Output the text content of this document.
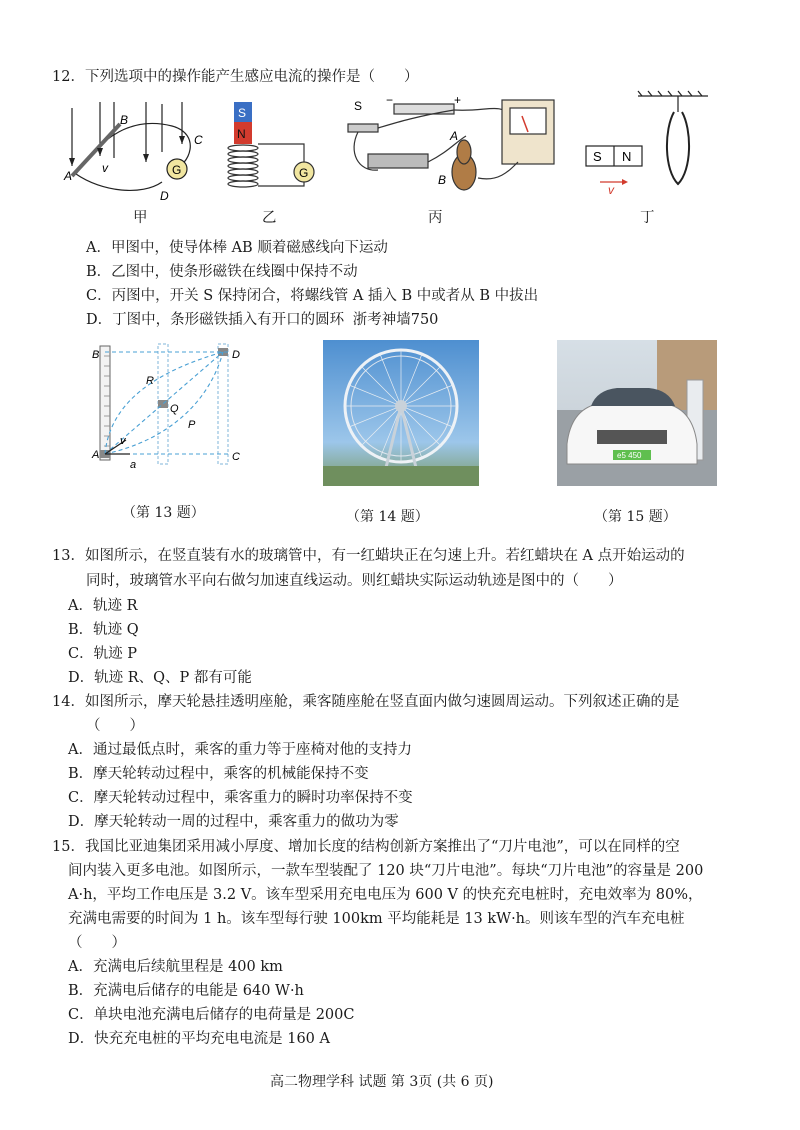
12．下列选项中的操作能产生感应电流的操作是（　　）
A
B
C
D
v	G
S
N
G
S
A
B
+
−
S N
v
甲	乙	丙	丁
A．甲图中，使导体棒 AB 顺着磁感线向下运动
B．乙图中，使条形磁铁在线圈中保持不动
C．丙图中，开关 S 保持闭合，将螺线管 A 插入 B 中或者从 B 中拔出
D．丁图中，条形磁铁插入有开口的圆环 浙考神墙750
B
A
D
C
R
Q
P
v
a
e5 450
（第 13 题）	（第 14 题）	（第 15 题）
13．如图所示，在竖直装有水的玻璃管中，有一红蜡块正在匀速上升。若红蜡块在 A 点开始运动的
同时，玻璃管水平向右做匀加速直线运动。则红蜡块实际运动轨迹是图中的（　　）
A．轨迹 R
B．轨迹 Q
C．轨迹 P
D．轨迹 R、Q、P 都有可能
14．如图所示，摩天轮悬挂透明座舱，乘客随座舱在竖直面内做匀速圆周运动。下列叙述正确的是
（　　）
A．通过最低点时，乘客的重力等于座椅对他的支持力
B．摩天轮转动过程中，乘客的机械能保持不变
C．摩天轮转动过程中，乘客重力的瞬时功率保持不变
D．摩天轮转动一周的过程中，乘客重力的做功为零
15．我国比亚迪集团采用减小厚度、增加长度的结构创新方案推出了“刀片电池”，可以在同样的空
间内装入更多电池。如图所示，一款车型装配了 120 块“刀片电池”。每块“刀片电池”的容量是 200
A·h，平均工作电压是 3.2 V。该车型采用充电电压为 600 V 的快充充电桩时，充电效率为 80%，
充满电需要的时间为 1 h。该车型每行驶 100km 平均能耗是 13 kW·h。则该车型的汽车充电桩
（　　）
A．充满电后续航里程是 400 km
B．充满电后储存的电能是 640 W·h
C．单块电池充满电后储存的电荷量是 200C
D．快充充电桩的平均充电电流是 160 A
高二物理学科 试题 第 3页 (共 6 页)
